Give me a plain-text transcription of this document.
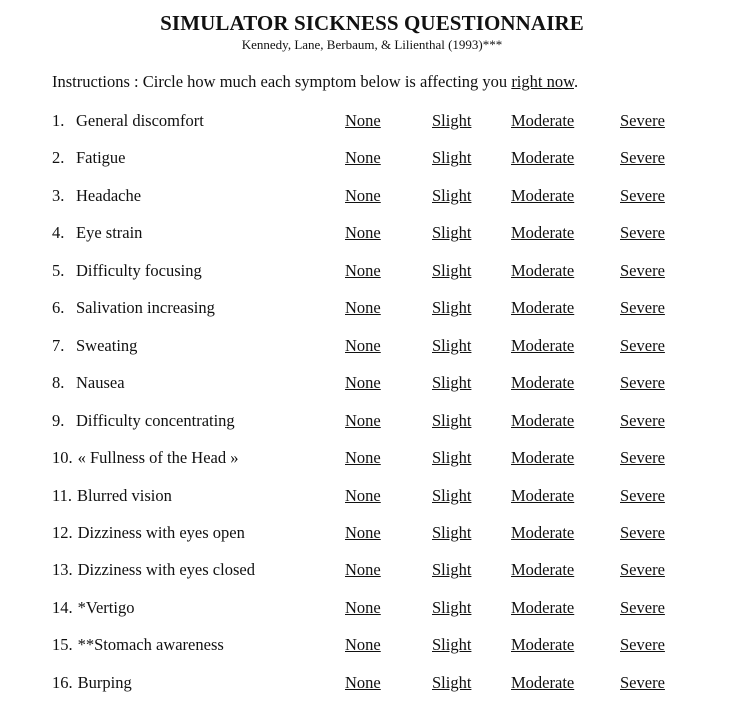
SIMULATOR SICKNESS QUESTIONNAIRE
Kennedy, Lane, Berbaum, & Lilienthal (1993)***
Instructions : Circle how much each symptom below is affecting you right now.
1. General discomfort	None	Slight Moderate	Severe
2. Fatigue	None	Slight Moderate	Severe
3. Headache	None	Slight Moderate	Severe
4. Eye strain	None	Slight Moderate	Severe
5. Difficulty focusing	None	Slight Moderate	Severe
6. Salivation increasing	None	Slight Moderate	Severe
7. Sweating	None	Slight Moderate	Severe
8. Nausea	None	Slight Moderate	Severe
9. Difficulty concentrating	None	Slight Moderate	Severe
10. « Fullness of the Head »	None	Slight Moderate	Severe
11. Blurred vision	None	Slight Moderate	Severe
12. Dizziness with eyes open	None	Slight Moderate	Severe
13. Dizziness with eyes closed	None	Slight Moderate	Severe
14. *Vertigo	None	Slight Moderate	Severe
15. **Stomach awareness	None	Slight Moderate	Severe
16. Burping	None	Slight Moderate	Severe
